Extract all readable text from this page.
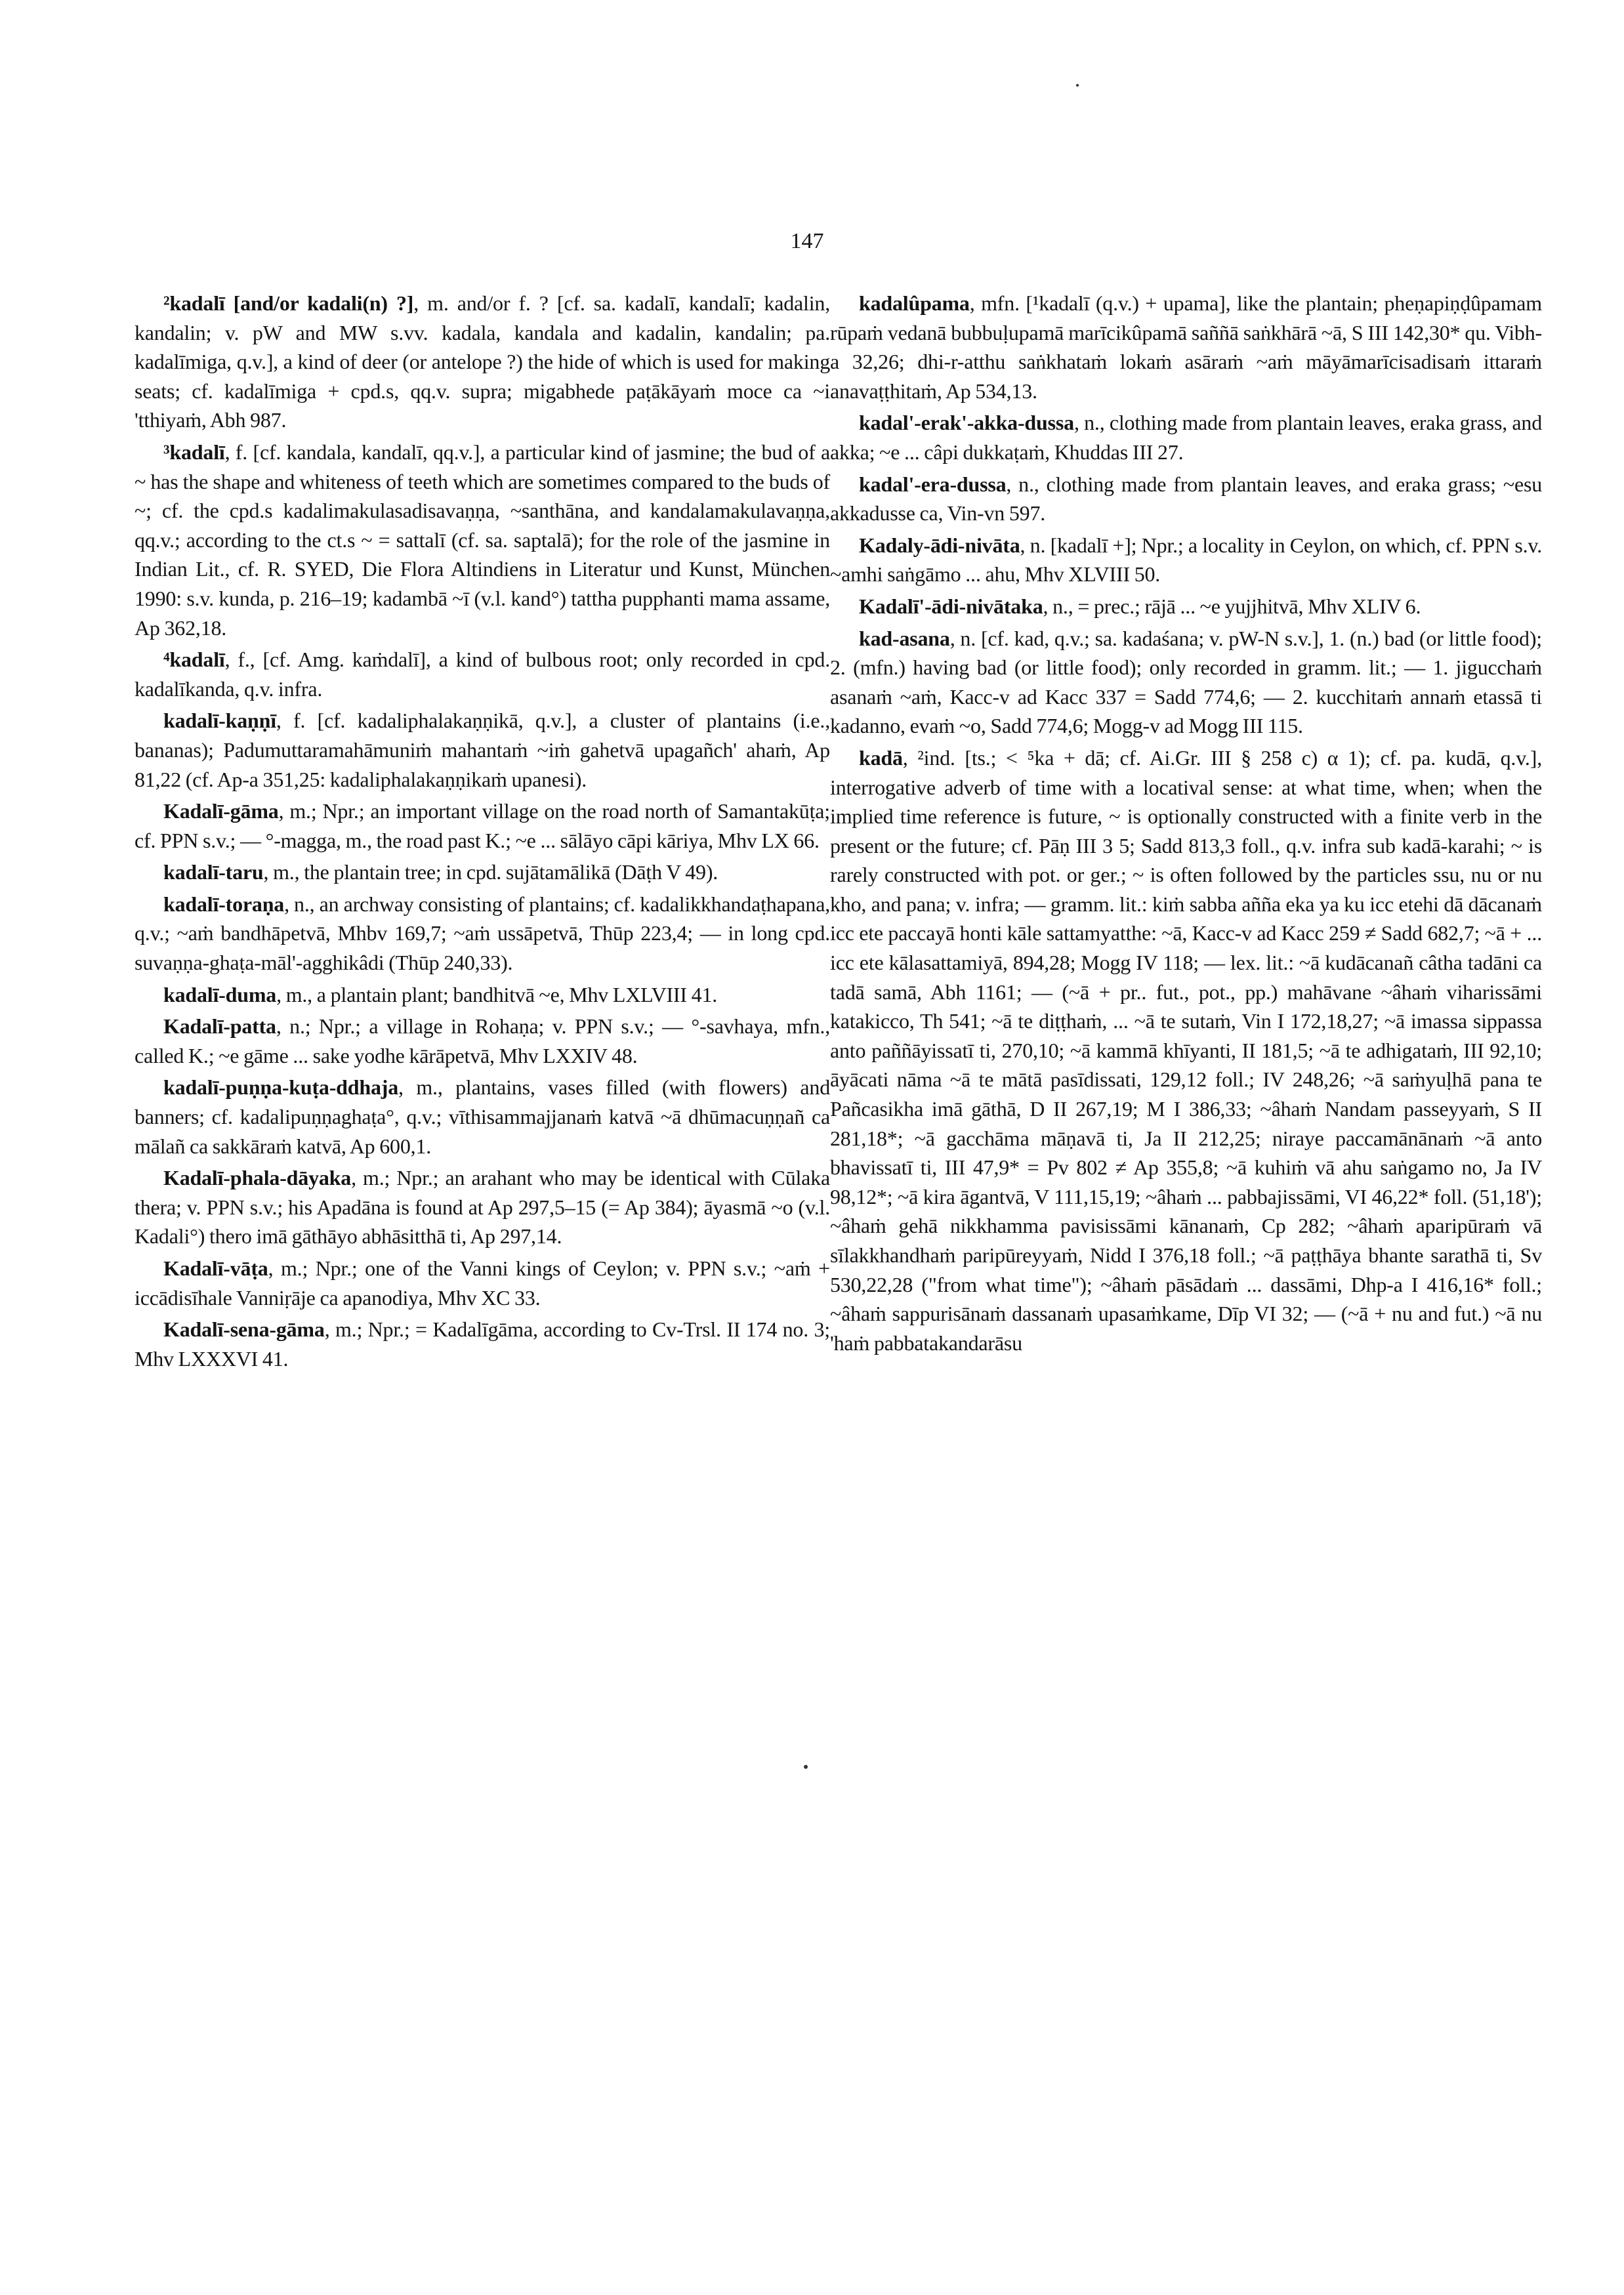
147

²kadalī [and/or kadali(n) ?], m. and/or f. ? [cf. sa. kadalī, kandalī; kadalin, kandalin; v. pW and MW s.vv. kadala, kandala and kadalin, kandalin; pa. kadalīmiga, q.v.], a kind of deer (or antelope ?) the hide of which is used for making seats; cf. kadalīmiga + cpd.s, qq.v. supra; migabhede paṭākāyaṁ moce ca ~i 'tthiyaṁ, Abh 987.

³kadalī, f. [cf. kandala, kandalī, qq.v.], a particular kind of jasmine; the bud of a ~ has the shape and whiteness of teeth which are sometimes compared to the buds of ~; cf. the cpd.s kadalimakulasadisavaṇṇa, ~santhāna, and kandalamakulavaṇṇa, qq.v.; according to the ct.s ~ = sattalī (cf. sa. saptalā); for the role of the jasmine in Indian Lit., cf. R. SYED, Die Flora Altindiens in Literatur und Kunst, München 1990: s.v. kunda, p. 216–19; kadambā ~ī (v.l. kand°) tattha pupphanti mama assame, Ap 362,18.

⁴kadalī, f., [cf. Amg. kaṁdalī], a kind of bulbous root; only recorded in cpd. kadalīkanda, q.v. infra.

kadalī-kaṇṇī, f. [cf. kadaliphalakaṇṇikā, q.v.], a cluster of plantains (i.e., bananas); Padumuttaramahāmuniṁ mahantaṁ ~iṁ gahetvā upagañch' ahaṁ, Ap 81,22 (cf. Ap-a 351,25: kadaliphalakaṇṇikaṁ upanesi).

Kadalī-gāma, m.; Npr.; an important village on the road north of Samantakūṭa; cf. PPN s.v.; — °-magga, m., the road past K.; ~e ... sālāyo cāpi kāriya, Mhv LX 66.

kadalī-taru, m., the plantain tree; in cpd. sujātamālikā (Dāṭh V 49).

kadalī-toraṇa, n., an archway consisting of plantains; cf. kadalikkhandaṭhapana, q.v.; ~aṁ bandhāpetvā, Mhbv 169,7; ~aṁ ussāpetvā, Thūp 223,4; — in long cpd. suvaṇṇa-ghaṭa-māl'-agghikâdi (Thūp 240,33).

kadalī-duma, m., a plantain plant; bandhitvā ~e, Mhv LXLVIII 41.

Kadalī-patta, n.; Npr.; a village in Rohaṇa; v. PPN s.v.; — °-savhaya, mfn., called K.; ~e gāme ... sake yodhe kārāpetvā, Mhv LXXIV 48.

kadalī-puṇṇa-kuṭa-ddhaja, m., plantains, vases filled (with flowers) and banners; cf. kadalipuṇṇaghaṭa°, q.v.; vīthisammajjanaṁ katvā ~ā dhūmacuṇṇañ ca mālañ ca sakkāraṁ katvā, Ap 600,1.

Kadalī-phala-dāyaka, m.; Npr.; an arahant who may be identical with Cūlaka thera; v. PPN s.v.; his Apadāna is found at Ap 297,5–15 (= Ap 384); āyasmā ~o (v.l. Kadali°) thero imā gāthāyo abhāsitthā ti, Ap 297,14.

Kadalī-vāṭa, m.; Npr.; one of the Vanni kings of Ceylon; v. PPN s.v.; ~aṁ + iccādisīhale Vanniṛāje ca apanodiya, Mhv XC 33.

Kadalī-sena-gāma, m.; Npr.; = Kadalīgāma, according to Cv-Trsl. II 174 no. 3; Mhv LXXXVI 41.

kadalûpama, mfn. [¹kadalī (q.v.) + upama], like the plantain; pheṇapiṇḍûpamam rūpaṁ vedanā bubbuḷupamā marīcikûpamā saññā saṅkhārā ~ā, S III 142,30* qu. Vibh-a 32,26; dhi-r-atthu saṅkhataṁ lokaṁ asāraṁ ~aṁ māyāmarīcisadisaṁ ittaraṁ anavaṭṭhitaṁ, Ap 534,13.

kadal'-erak'-akka-dussa, n., clothing made from plantain leaves, eraka grass, and akka; ~e ... câpi dukkaṭaṁ, Khuddas III 27.

kadal'-era-dussa, n., clothing made from plantain leaves, and eraka grass; ~esu akkadusse ca, Vin-vn 597.

Kadaly-ādi-nivāta, n. [kadalī +]; Npr.; a locality in Ceylon, on which, cf. PPN s.v. ~amhi saṅgāmo ... ahu, Mhv XLVIII 50.

Kadalī'-ādi-nivātaka, n., = prec.; rājā ... ~e yujjhitvā, Mhv XLIV 6.

kad-asana, n. [cf. kad, q.v.; sa. kadaśana; v. pW-N s.v.], 1. (n.) bad (or little food); 2. (mfn.) having bad (or little food); only recorded in gramm. lit.; — 1. jigucchaṁ asanaṁ ~aṁ, Kacc-v ad Kacc 337 = Sadd 774,6; — 2. kucchitaṁ annaṁ etassā ti kadanno, evaṁ ~o, Sadd 774,6; Mogg-v ad Mogg III 115.

kadā, ²ind. [ts.; < ⁵ka + dā; cf. Ai.Gr. III § 258 c) α 1); cf. pa. kudā, q.v.], interrogative adverb of time with a locatival sense: at what time, when; when the implied time reference is future, ~ is optionally constructed with a finite verb in the present or the future; cf. Pāṇ III 3 5; Sadd 813,3 foll., q.v. infra sub kadā-karahi; ~ is rarely constructed with pot. or ger.; ~ is often followed by the particles ssu, nu or nu kho, and pana; v. infra; — gramm. lit.: kiṁ sabba añña eka ya ku icc etehi dā dācanaṁ icc ete paccayā honti kāle sattamyatthe: ~ā, Kacc-v ad Kacc 259 ≠ Sadd 682,7; ~ā + ... icc ete kālasattamiyā, 894,28; Mogg IV 118; — lex. lit.: ~ā kudācanañ câtha tadāni ca tadā samā, Abh 1161; — (~ā + pr.. fut., pot., pp.) mahāvane ~âhaṁ viharissāmi katakicco, Th 541; ~ā te diṭṭhaṁ, ... ~ā te sutaṁ, Vin I 172,18,27; ~ā imassa sippassa anto paññāyissatī ti, 270,10; ~ā kammā khīyanti, II 181,5; ~ā te adhigataṁ, III 92,10; āyācati nāma ~ā te mātā pasīdissati, 129,12 foll.; IV 248,26; ~ā saṁyuḷhā pana te Pañcasikha imā gāthā, D II 267,19; M I 386,33; ~âhaṁ Nandam passeyyaṁ, S II 281,18*; ~ā gacchāma māṇavā ti, Ja II 212,25; niraye paccamānānaṁ ~ā anto bhavissatī ti, III 47,9* = Pv 802 ≠ Ap 355,8; ~ā kuhiṁ vā ahu saṅgamo no, Ja IV 98,12*; ~ā kira āgantvā, V 111,15,19; ~âhaṁ ... pabbajissāmi, VI 46,22* foll. (51,18'); ~âhaṁ gehā nikkhamma pavisissāmi kānanaṁ, Cp 282; ~âhaṁ aparipūraṁ vā sīlakkhandhaṁ paripūreyyaṁ, Nidd I 376,18 foll.; ~ā paṭṭhāya bhante sarathā ti, Sv 530,22,28 ("from what time"); ~âhaṁ pāsādaṁ ... dassāmi, Dhp-a I 416,16* foll.; ~âhaṁ sappurisānaṁ dassanaṁ upasaṁkame, Dīp VI 32; — (~ā + nu and fut.) ~ā nu 'haṁ pabbatakandarāsu
